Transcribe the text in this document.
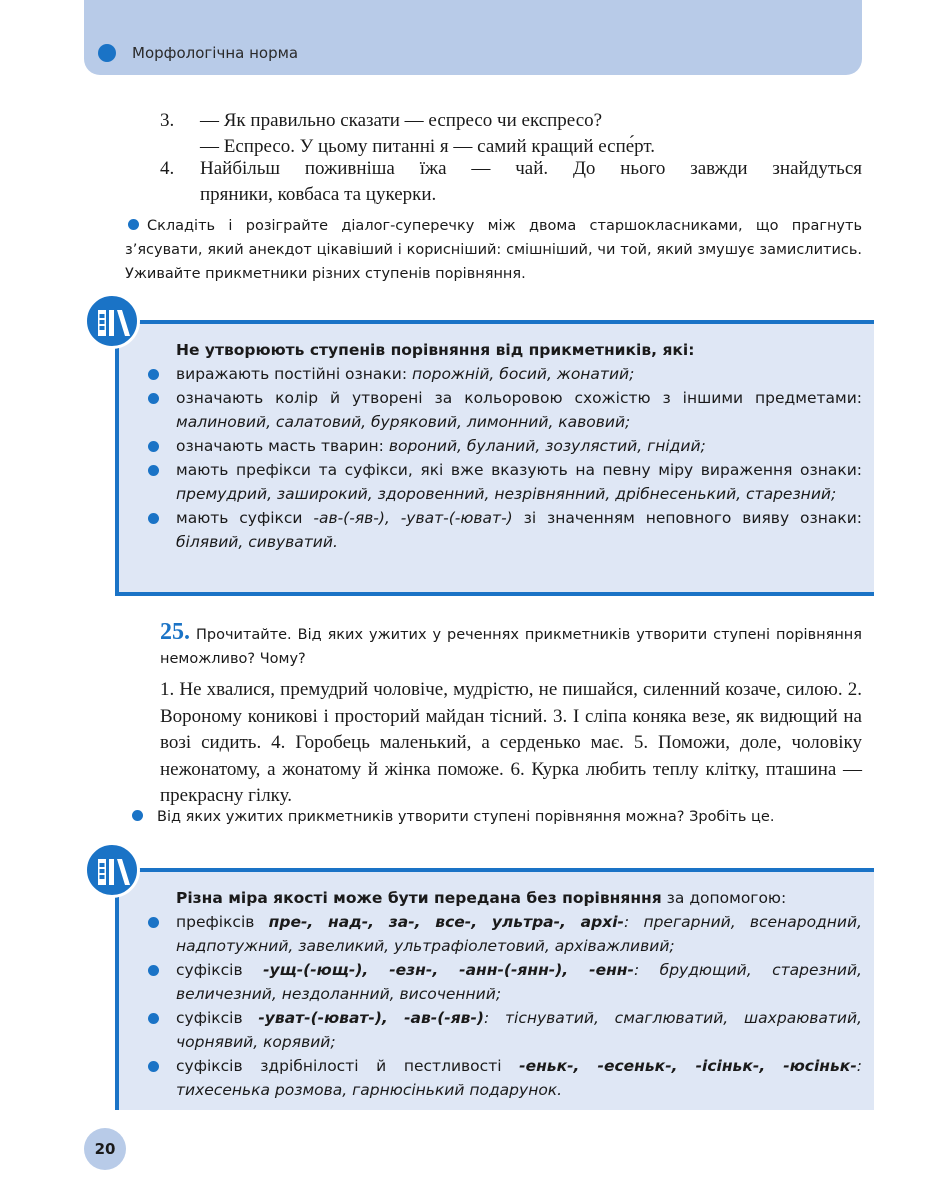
Морфологічна норма
3. — Як правильно сказати — еспресо чи експресо?
— Еспресо. У цьому питанні я — самий кращий еспе́рт.
4. Найбільш поживніша їжа — чай. До нього завжди знайдуться
пряники, ковбаса та цукерки.
Складіть і розіграйте діалог-суперечку між двома старшокласниками, що прагнуть з’ясувати, який анекдот цікавіший і корисніший: смішніший, чи той, який змушує замислитись. Уживайте прикметники різних ступенів порівняння.
Не утворюють ступенів порівняння від прикметників, які:
виражають постійні ознаки: порожній, босий, жонатий;
означають колір й утворені за кольоровою схожістю з іншими предметами: малиновий, салатовий, буряковий, лимонний, кавовий;
означають масть тварин: вороний, буланий, зозулястий, гнідий;
мають префікси та суфікси, які вже вказують на певну міру вираження ознаки: премудрий, заширокий, здоровенний, незрівнянний, дрібнесенький, старезний;
мають суфікси -ав-(-яв-), -уват-(-юват-) зі значенням неповного вияву ознаки: білявий, сивуватий.
25. Прочитайте. Від яких ужитих у реченнях прикметників утворити ступені порівняння неможливо? Чому?
1. Не хвалися, премудрий чоловіче, мудрістю, не пишайся, силенний козаче, силою. 2. Вороному коникові і просторий майдан тісний. 3. І сліпа коняка везе, як видющий на возі сидить. 4. Горобець маленький, а серденько має. 5. Поможи, доле, чоловіку нежонатому, а жонатому й жінка поможе. 6. Курка любить теплу клітку, пташина — прекрасну гілку.
Від яких ужитих прикметників утворити ступені порівняння можна? Зробіть це.
Різна міра якості може бути передана без порівняння за допомогою:
префіксів пре-, над-, за-, все-, ультра-, архі-: прегарний, всенародний, надпотужний, завеликий, ультрафіолетовий, архіважливий;
суфіксів -ущ-(-ющ-), -езн-, -анн-(-янн-), -енн-: брудющий, старезний, величезний, нездоланний, височенний;
суфіксів -уват-(-юват-), -ав-(-яв-): тіснуватий, смаглюватий, шахраюватий, чорнявий, корявий;
суфіксів здрібнілості й пестливості -еньк-, -есеньк-, -ісіньк-, -юсіньк-: тихесенька розмова, гарнюсінький подарунок.
20
